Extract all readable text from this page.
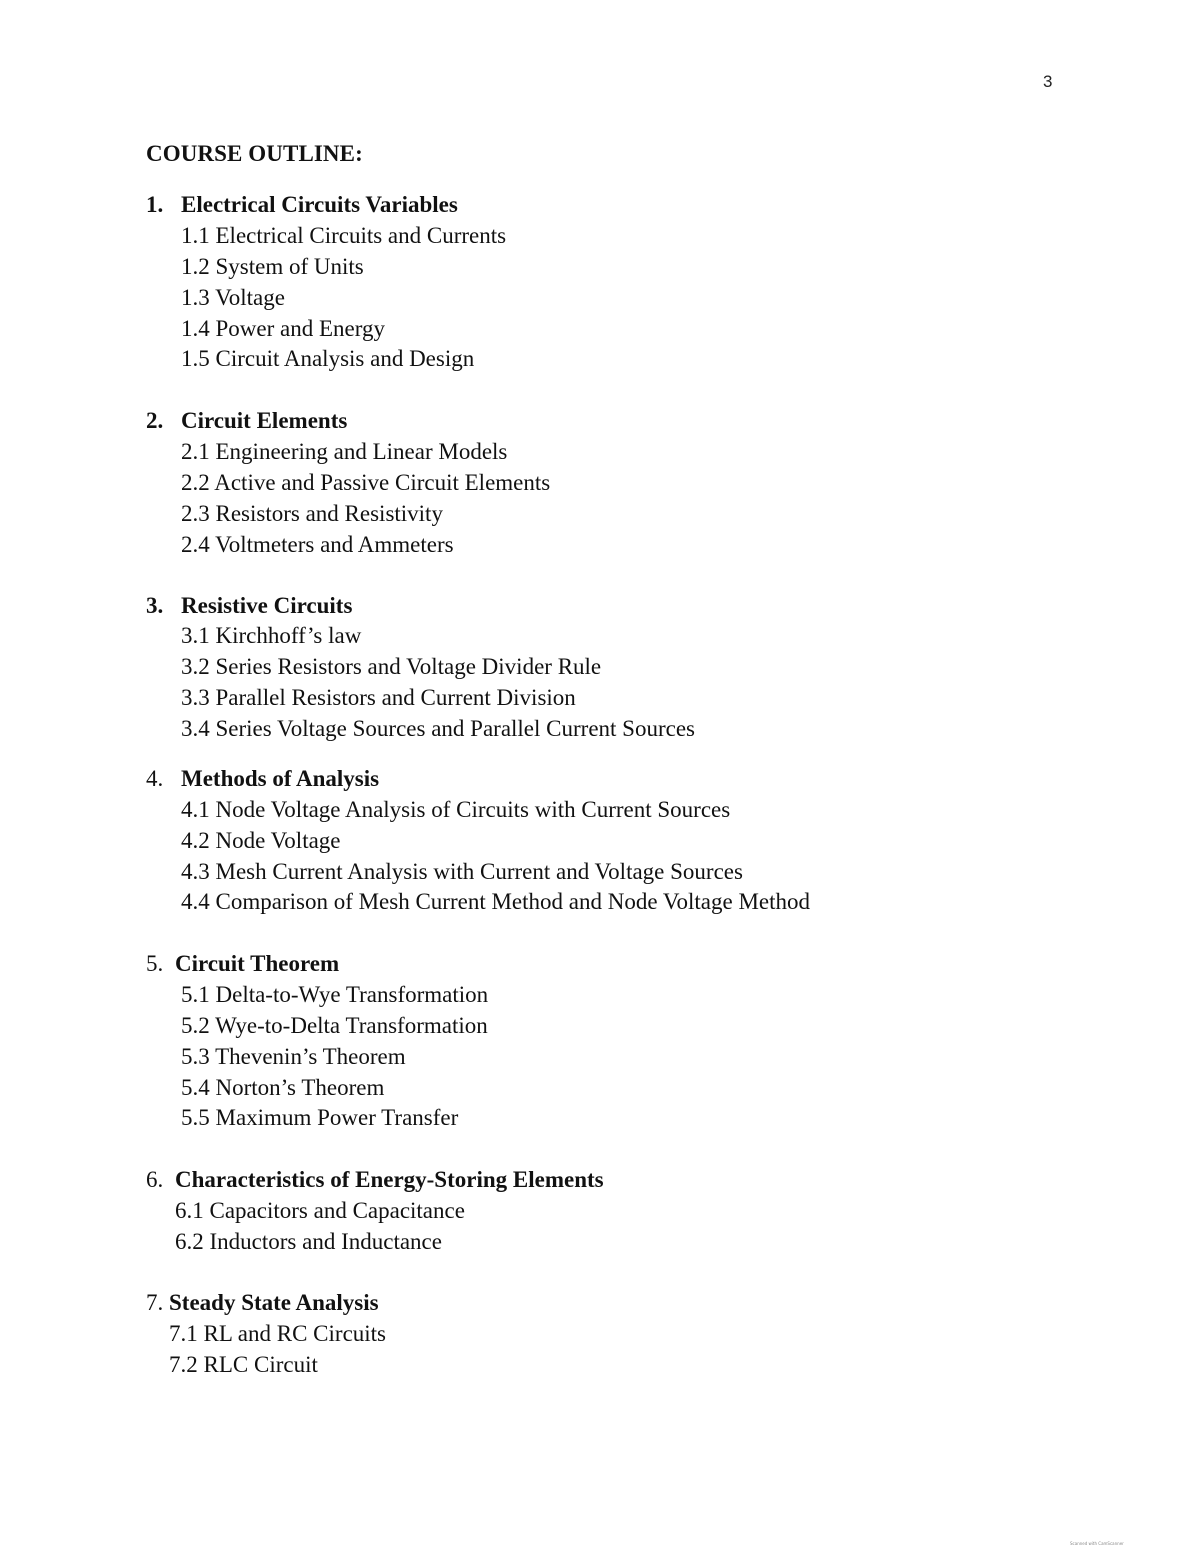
3
COURSE OUTLINE:
1. Electrical Circuits Variables
1.1 Electrical Circuits and Currents
1.2 System of Units
1.3 Voltage
1.4 Power and Energy
1.5 Circuit Analysis and Design
2. Circuit Elements
2.1 Engineering and Linear Models
2.2 Active and Passive Circuit Elements
2.3 Resistors and Resistivity
2.4 Voltmeters and Ammeters
3. Resistive Circuits
3.1 Kirchhoff’s law
3.2 Series Resistors and Voltage Divider Rule
3.3 Parallel Resistors and Current Division
3.4 Series Voltage Sources and Parallel Current Sources
4. Methods of Analysis
4.1 Node Voltage Analysis of Circuits with Current Sources
4.2 Node Voltage
4.3 Mesh Current Analysis with Current and Voltage Sources
4.4 Comparison of Mesh Current Method and Node Voltage Method
5. Circuit Theorem
5.1 Delta-to-Wye Transformation
5.2 Wye-to-Delta Transformation
5.3 Thevenin’s Theorem
5.4 Norton’s Theorem
5.5 Maximum Power Transfer
6. Characteristics of Energy-Storing Elements
6.1 Capacitors and Capacitance
6.2 Inductors and Inductance
7. Steady State Analysis
7.1 RL and RC Circuits
7.2 RLC Circuit
Scanned with CamScanner
